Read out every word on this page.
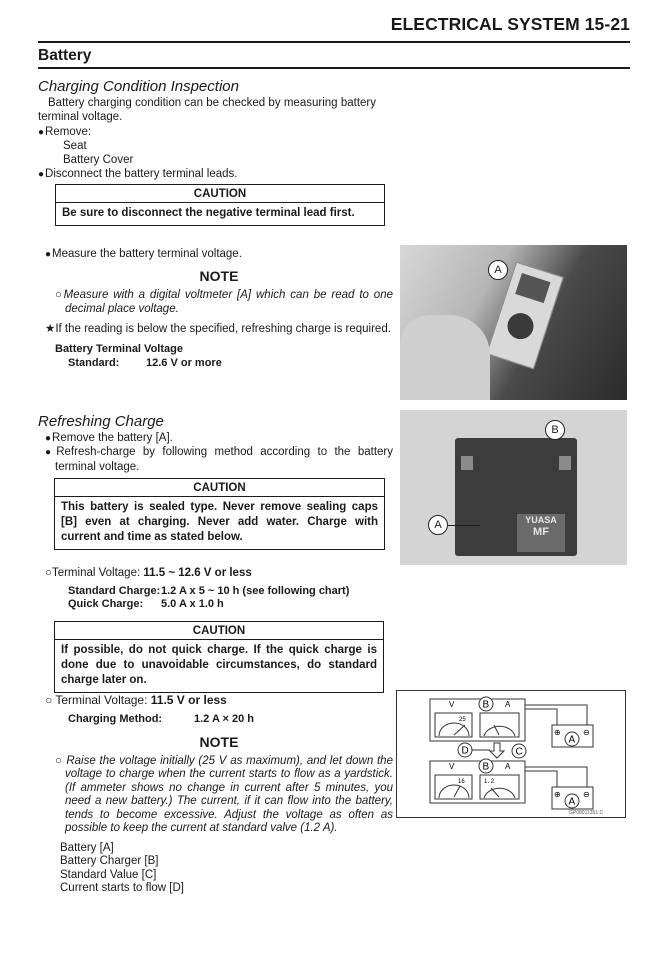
ELECTRICAL SYSTEM 15-21
Battery
Charging Condition Inspection
Battery charging condition can be checked by measuring battery terminal voltage.
● Remove:
Seat
Battery Cover
● Disconnect the battery terminal leads.
CAUTION
Be sure to disconnect the negative terminal lead first.
● Measure the battery terminal voltage.
NOTE
○Measure with a digital voltmeter [A] which can be read to one decimal place voltage.
★If the reading is below the specified, refreshing charge is required.
Battery Terminal Voltage
Standard: 12.6 V or more
A
Refreshing Charge
● Remove the battery [A].
● Refresh-charge by following method according to the battery terminal voltage.
CAUTION
This battery is sealed type. Never remove sealing caps [B] even at charging. Never add water. Charge with current and time as stated below.
YUASA
MF
B
A
○Terminal Voltage: 11.5 ~ 12.6 V or less
Standard Charge: 1.2 A x 5 ~ 10 h (see following chart)
Quick Charge: 5.0 A x 1.0 h
CAUTION
If possible, do not quick charge. If the quick charge is done due to unavoidable circumstances, do standard charge later on.
○ Terminal Voltage: 11.5 V or less
Charging Method:	1.2 A × 20 h
NOTE
○ Raise the voltage initially (25 V as maximum), and let down the voltage to charge when the current starts to flow as a yardstick. (If ammeter shows no change in current after 5 minutes, you need a new battery.) The current, if it can flow into the battery, tends to become excessive. Adjust the voltage as often as possible to keep the current at standard valve (1.2 A).
Battery [A]
Battery Charger [B]
Standard Value [C]
Current starts to flow [D]
V	A
25
B
⊕	⊖
A
D	C
V	A
16	1. 2
B
⊕	⊖
A
GP08011351 C
